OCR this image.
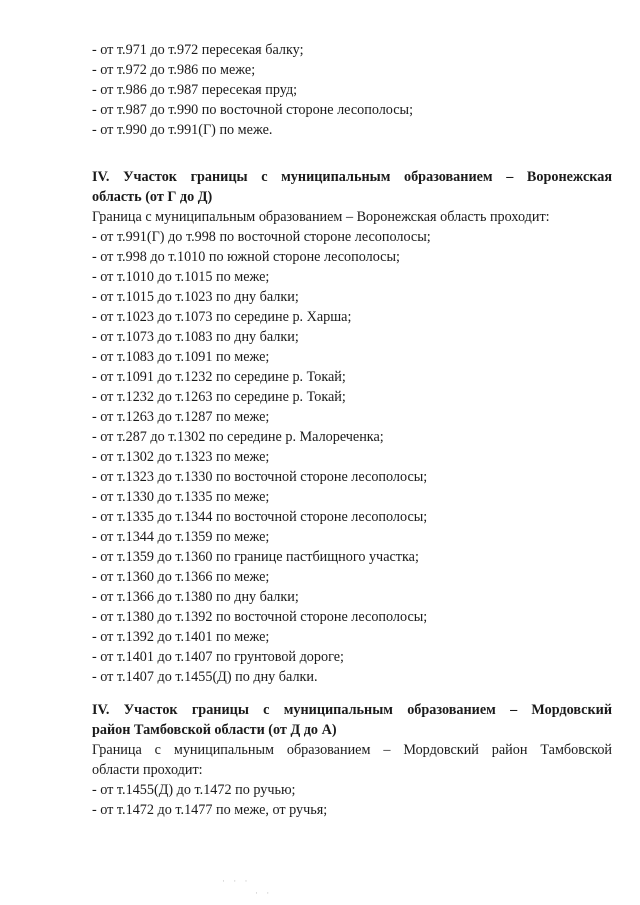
- от т.971 до т.972 пересекая балку;
- от т.972 до т.986 по меже;
- от т.986 до т.987 пересекая пруд;
- от т.987 до т.990 по восточной стороне лесополосы;
- от т.990 до т.991(Г) по меже.
IV. Участок границы с муниципальным образованием – Воронежская
область (от Г до Д)
Граница с муниципальным образованием – Воронежская область проходит:
- от т.991(Г) до т.998 по восточной стороне лесополосы;
- от т.998 до т.1010 по южной стороне лесополосы;
- от т.1010 до т.1015 по меже;
- от т.1015 до т.1023 по дну балки;
- от т.1023 до т.1073 по середине р. Харша;
- от т.1073 до т.1083 по дну балки;
- от т.1083 до т.1091 по меже;
- от т.1091 до т.1232 по середине р. Токай;
- от т.1232 до т.1263 по середине р. Токай;
- от т.1263 до т.1287 по меже;
- от т.287 до т.1302 по середине р. Малореченка;
- от т.1302 до т.1323 по меже;
- от т.1323 до т.1330 по восточной стороне лесополосы;
- от т.1330 до т.1335 по меже;
- от т.1335 до т.1344 по восточной стороне лесополосы;
- от т.1344 до т.1359 по меже;
- от т.1359 до т.1360 по границе пастбищного участка;
- от т.1360 до т.1366 по меже;
- от т.1366 до т.1380 по дну балки;
- от т.1380 до т.1392 по восточной стороне лесополосы;
- от т.1392 до т.1401 по меже;
- от т.1401 до т.1407 по грунтовой дороге;
- от т.1407 до т.1455(Д) по дну балки.
IV. Участок границы с муниципальным образованием – Мордовский
район Тамбовской области (от Д до А)
Граница с муниципальным образованием – Мордовский район Тамбовской
области проходит:
- от т.1455(Д) до т.1472 по ручью;
- от т.1472 до т.1477 по меже, от ручья;
· · ·
· ·
